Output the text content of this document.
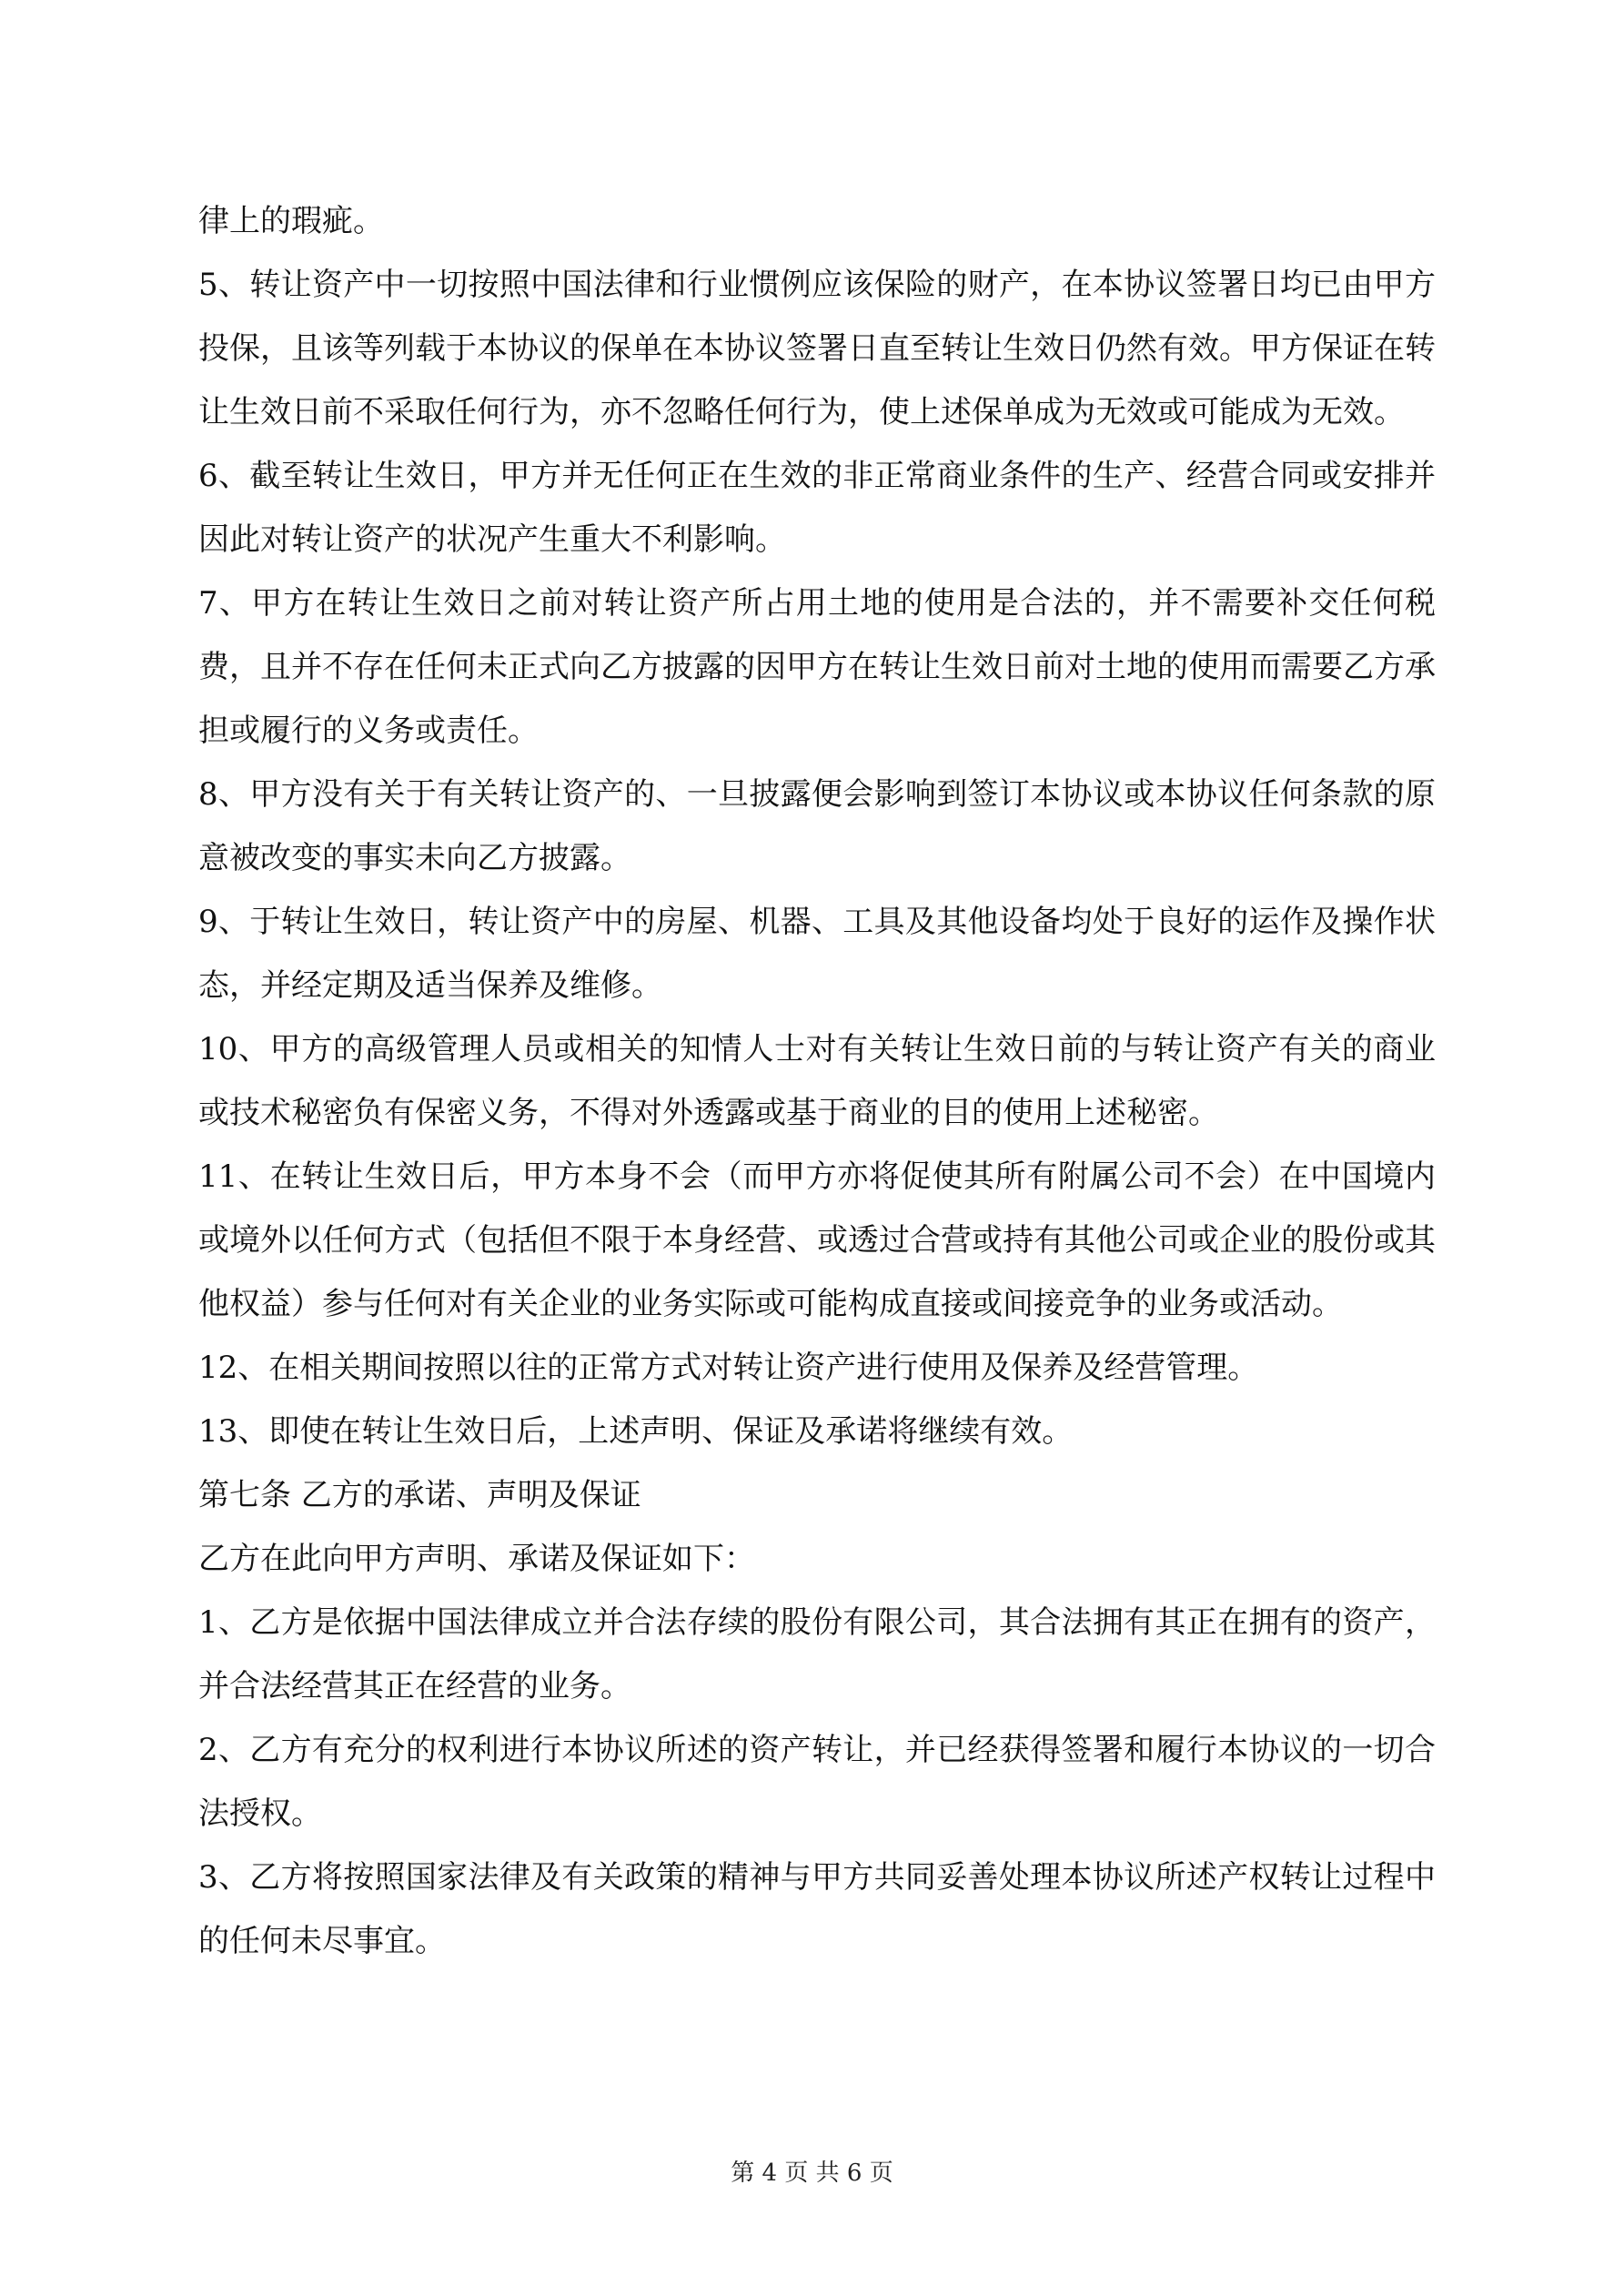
律上的瑕疵。

5、转让资产中一切按照中国法律和行业惯例应该保险的财产，在本协议签署日均已由甲方投保，且该等列载于本协议的保单在本协议签署日直至转让生效日仍然有效。甲方保证在转让生效日前不采取任何行为，亦不忽略任何行为，使上述保单成为无效或可能成为无效。

6、截至转让生效日，甲方并无任何正在生效的非正常商业条件的生产、经营合同或安排并因此对转让资产的状况产生重大不利影响。

7、甲方在转让生效日之前对转让资产所占用土地的使用是合法的，并不需要补交任何税费，且并不存在任何未正式向乙方披露的因甲方在转让生效日前对土地的使用而需要乙方承担或履行的义务或责任。

8、甲方没有关于有关转让资产的、一旦披露便会影响到签订本协议或本协议任何条款的原意被改变的事实未向乙方披露。

9、于转让生效日，转让资产中的房屋、机器、工具及其他设备均处于良好的运作及操作状态，并经定期及适当保养及维修。

10、甲方的高级管理人员或相关的知情人士对有关转让生效日前的与转让资产有关的商业或技术秘密负有保密义务，不得对外透露或基于商业的目的使用上述秘密。

11、在转让生效日后，甲方本身不会（而甲方亦将促使其所有附属公司不会）在中国境内或境外以任何方式（包括但不限于本身经营、或透过合营或持有其他公司或企业的股份或其他权益）参与任何对有关企业的业务实际或可能构成直接或间接竞争的业务或活动。

12、在相关期间按照以往的正常方式对转让资产进行使用及保养及经营管理。

13、即使在转让生效日后，上述声明、保证及承诺将继续有效。

第七条 乙方的承诺、声明及保证

乙方在此向甲方声明、承诺及保证如下：

1、乙方是依据中国法律成立并合法存续的股份有限公司，其合法拥有其正在拥有的资产，并合法经营其正在经营的业务。

2、乙方有充分的权利进行本协议所述的资产转让，并已经获得签署和履行本协议的一切合法授权。

3、乙方将按照国家法律及有关政策的精神与甲方共同妥善处理本协议所述产权转让过程中的任何未尽事宜。

第 4 页 共 6 页
